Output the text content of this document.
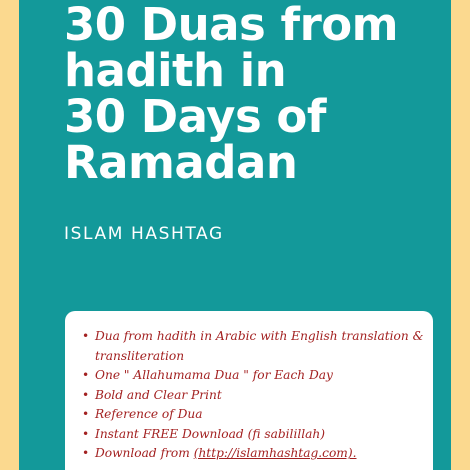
30 Duas from
hadith in
30 Days of
Ramadan
ISLAM HASHTAG
• Dua from hadith in Arabic with English translation & transliteration
• One " Allahumama Dua " for Each Day
• Bold and Clear Print
• Reference of Dua
• Instant FREE Download (fi sabilillah)
• Download from (http://islamhashtag.com).
